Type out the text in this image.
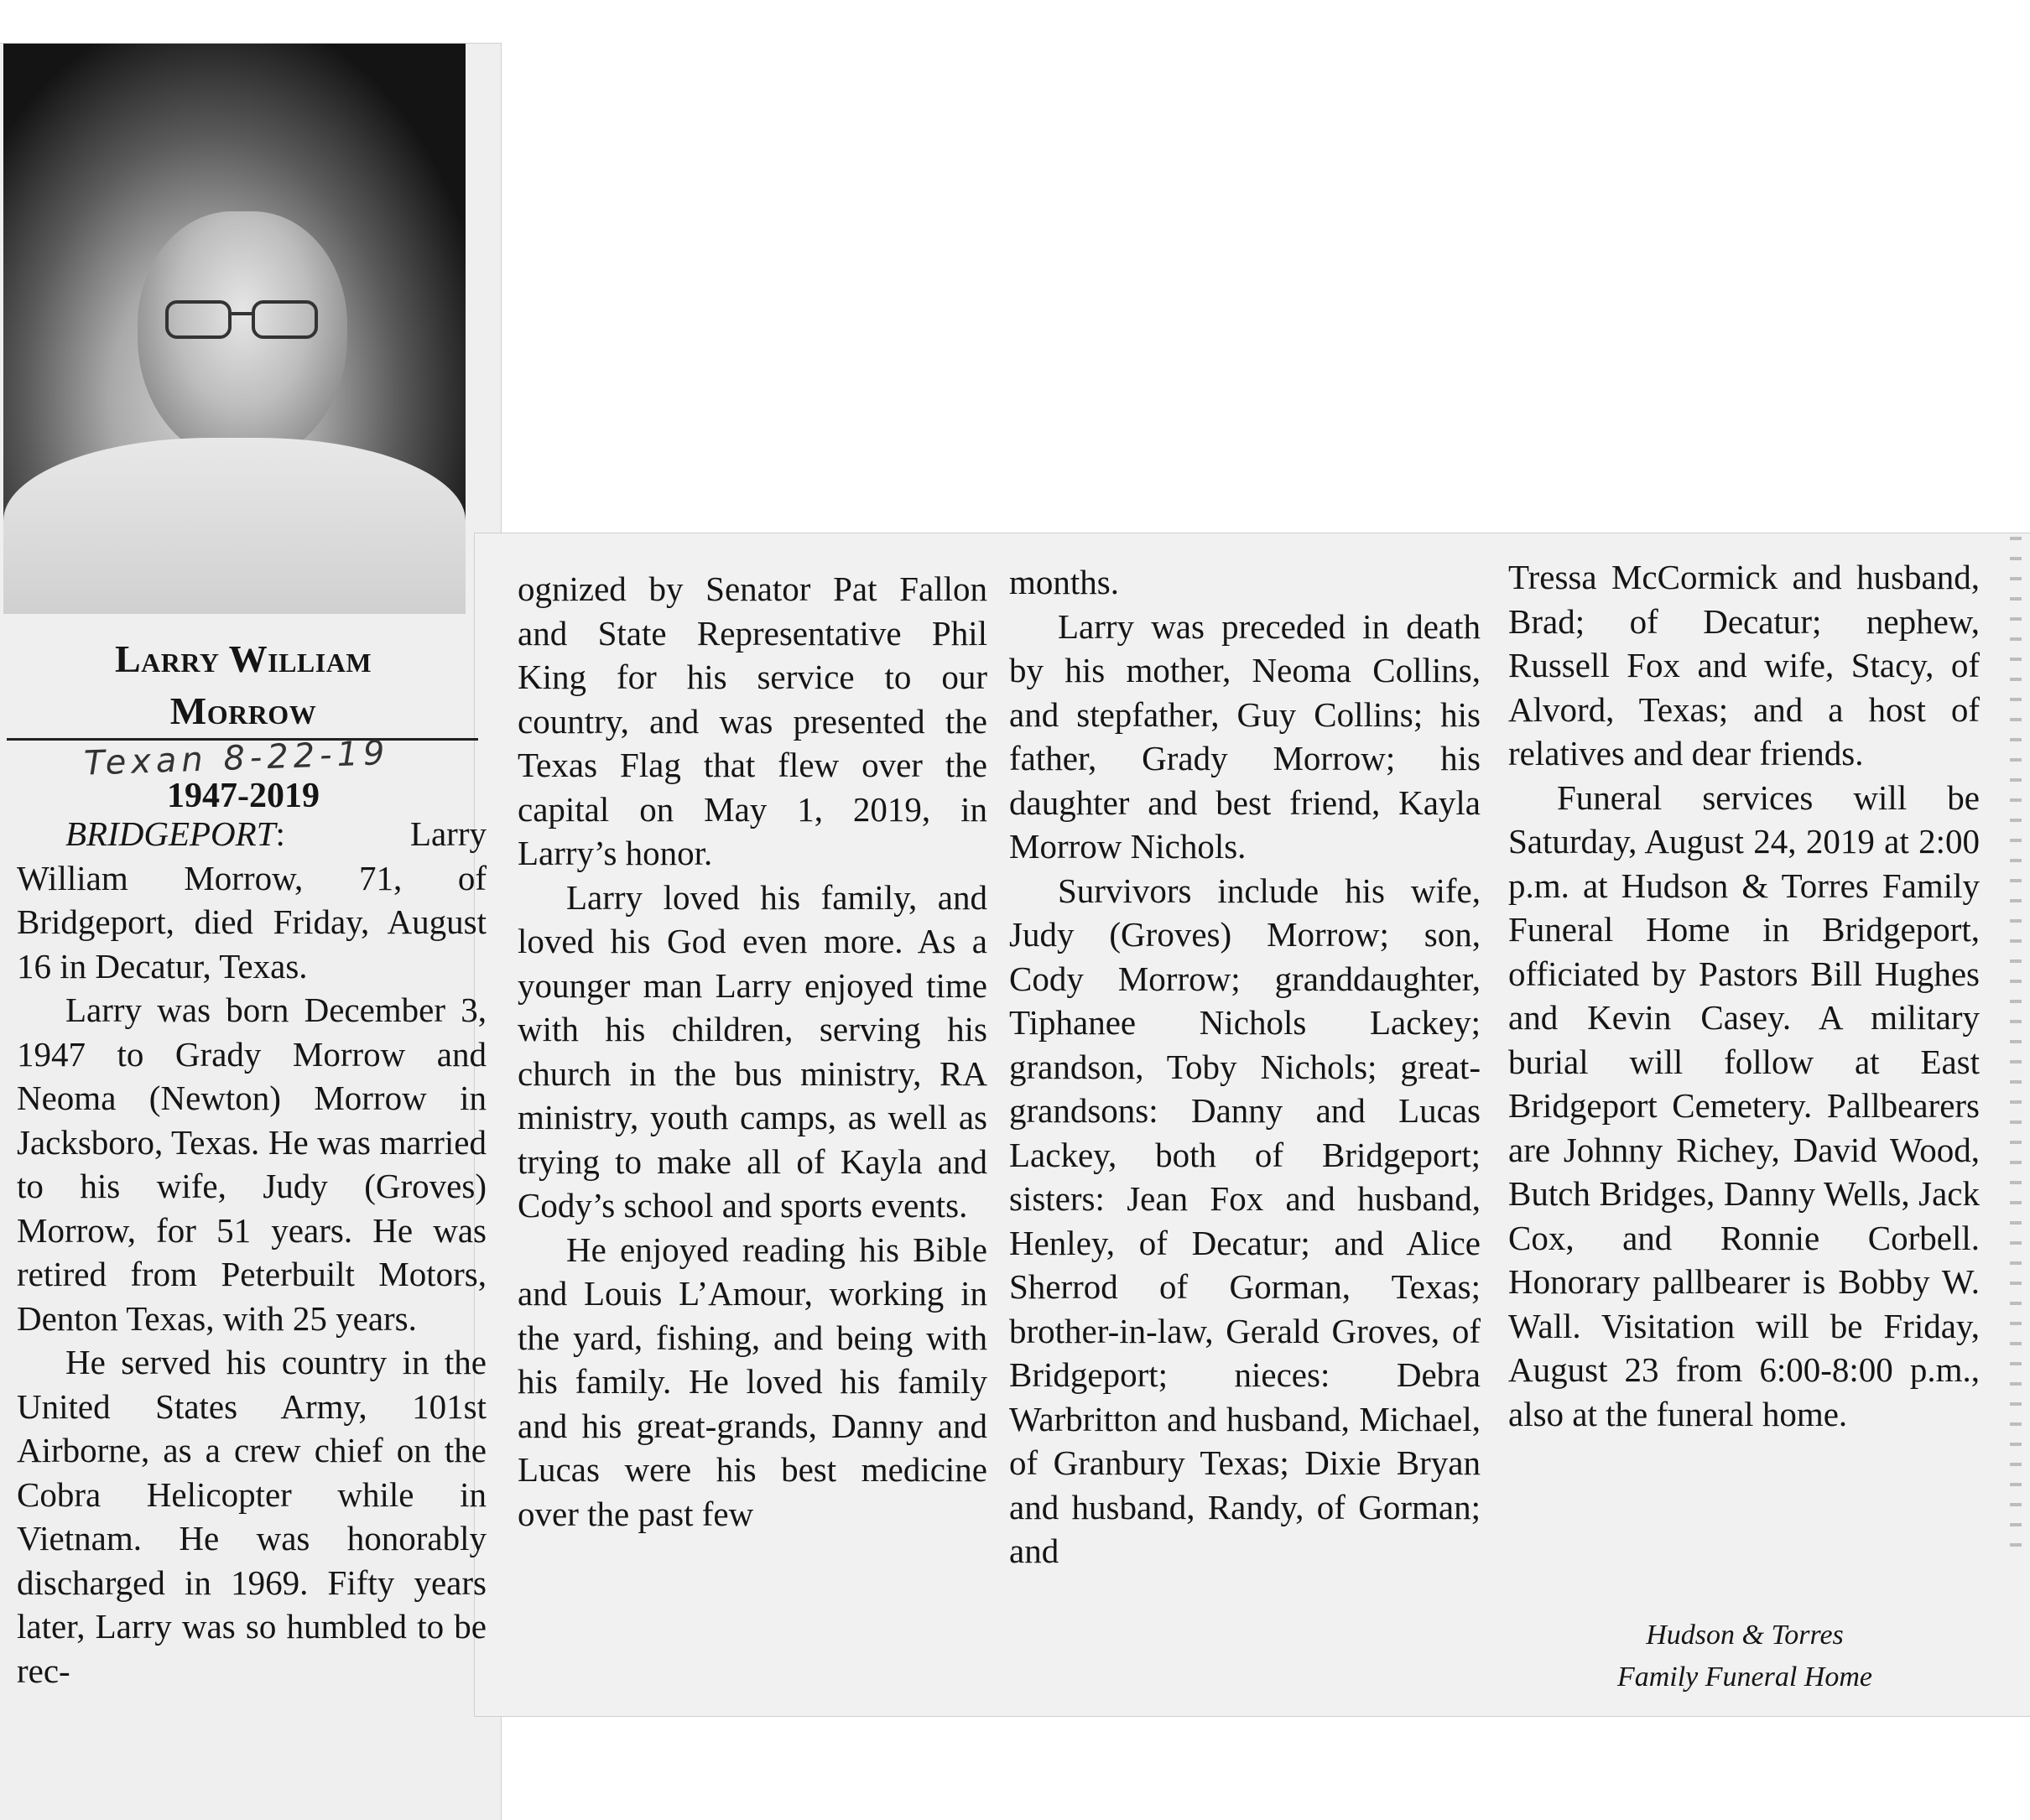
Larry William
Morrow
Texan 8-22-19
1947-2019

BRIDGEPORT: Larry William Morrow, 71, of Bridgeport, died Friday, August 16 in Decatur, Texas.

Larry was born December 3, 1947 to Grady Morrow and Neoma (Newton) Morrow in Jacksboro, Texas. He was married to his wife, Judy (Groves) Morrow, for 51 years. He was retired from Peterbuilt Motors, Denton Texas, with 25 years.

He served his country in the United States Army, 101st Airborne, as a crew chief on the Cobra Helicopter while in Vietnam. He was honorably discharged in 1969. Fifty years later, Larry was so humbled to be rec-

ognized by Senator Pat Fallon and State Representative Phil King for his service to our country, and was presented the Texas Flag that flew over the capital on May 1, 2019, in Larry’s honor.

Larry loved his family, and loved his God even more. As a younger man Larry enjoyed time with his children, serving his church in the bus ministry, RA ministry, youth camps, as well as trying to make all of Kayla and Cody’s school and sports events.

He enjoyed reading his Bible and Louis L’Amour, working in the yard, fishing, and being with his family. He loved his family and his great-grands, Danny and Lucas were his best medicine over the past few

months.

Larry was preceded in death by his mother, Neoma Collins, and stepfather, Guy Collins; his father, Grady Morrow; his daughter and best friend, Kayla Morrow Nichols.

Survivors include his wife, Judy (Groves) Morrow; son, Cody Morrow; granddaughter, Tiphanee Nichols Lackey; grandson, Toby Nichols; great-grandsons: Danny and Lucas Lackey, both of Bridgeport; sisters: Jean Fox and husband, Henley, of Decatur; and Alice Sherrod of Gorman, Texas; brother-in-law, Gerald Groves, of Bridgeport; nieces: Debra Warbritton and husband, Michael, of Granbury Texas; Dixie Bryan and husband, Randy, of Gorman; and

Tressa McCormick and husband, Brad; of Decatur; nephew, Russell Fox and wife, Stacy, of Alvord, Texas; and a host of relatives and dear friends.

Funeral services will be Saturday, August 24, 2019 at 2:00 p.m. at Hudson & Torres Family Funeral Home in Bridgeport, officiated by Pastors Bill Hughes and Kevin Casey. A military burial will follow at East Bridgeport Cemetery. Pallbearers are Johnny Richey, David Wood, Butch Bridges, Danny Wells, Jack Cox, and Ronnie Corbell. Honorary pallbearer is Bobby W. Wall. Visitation will be Friday, August 23 from 6:00-8:00 p.m., also at the funeral home.

Hudson & Torres
Family Funeral Home
